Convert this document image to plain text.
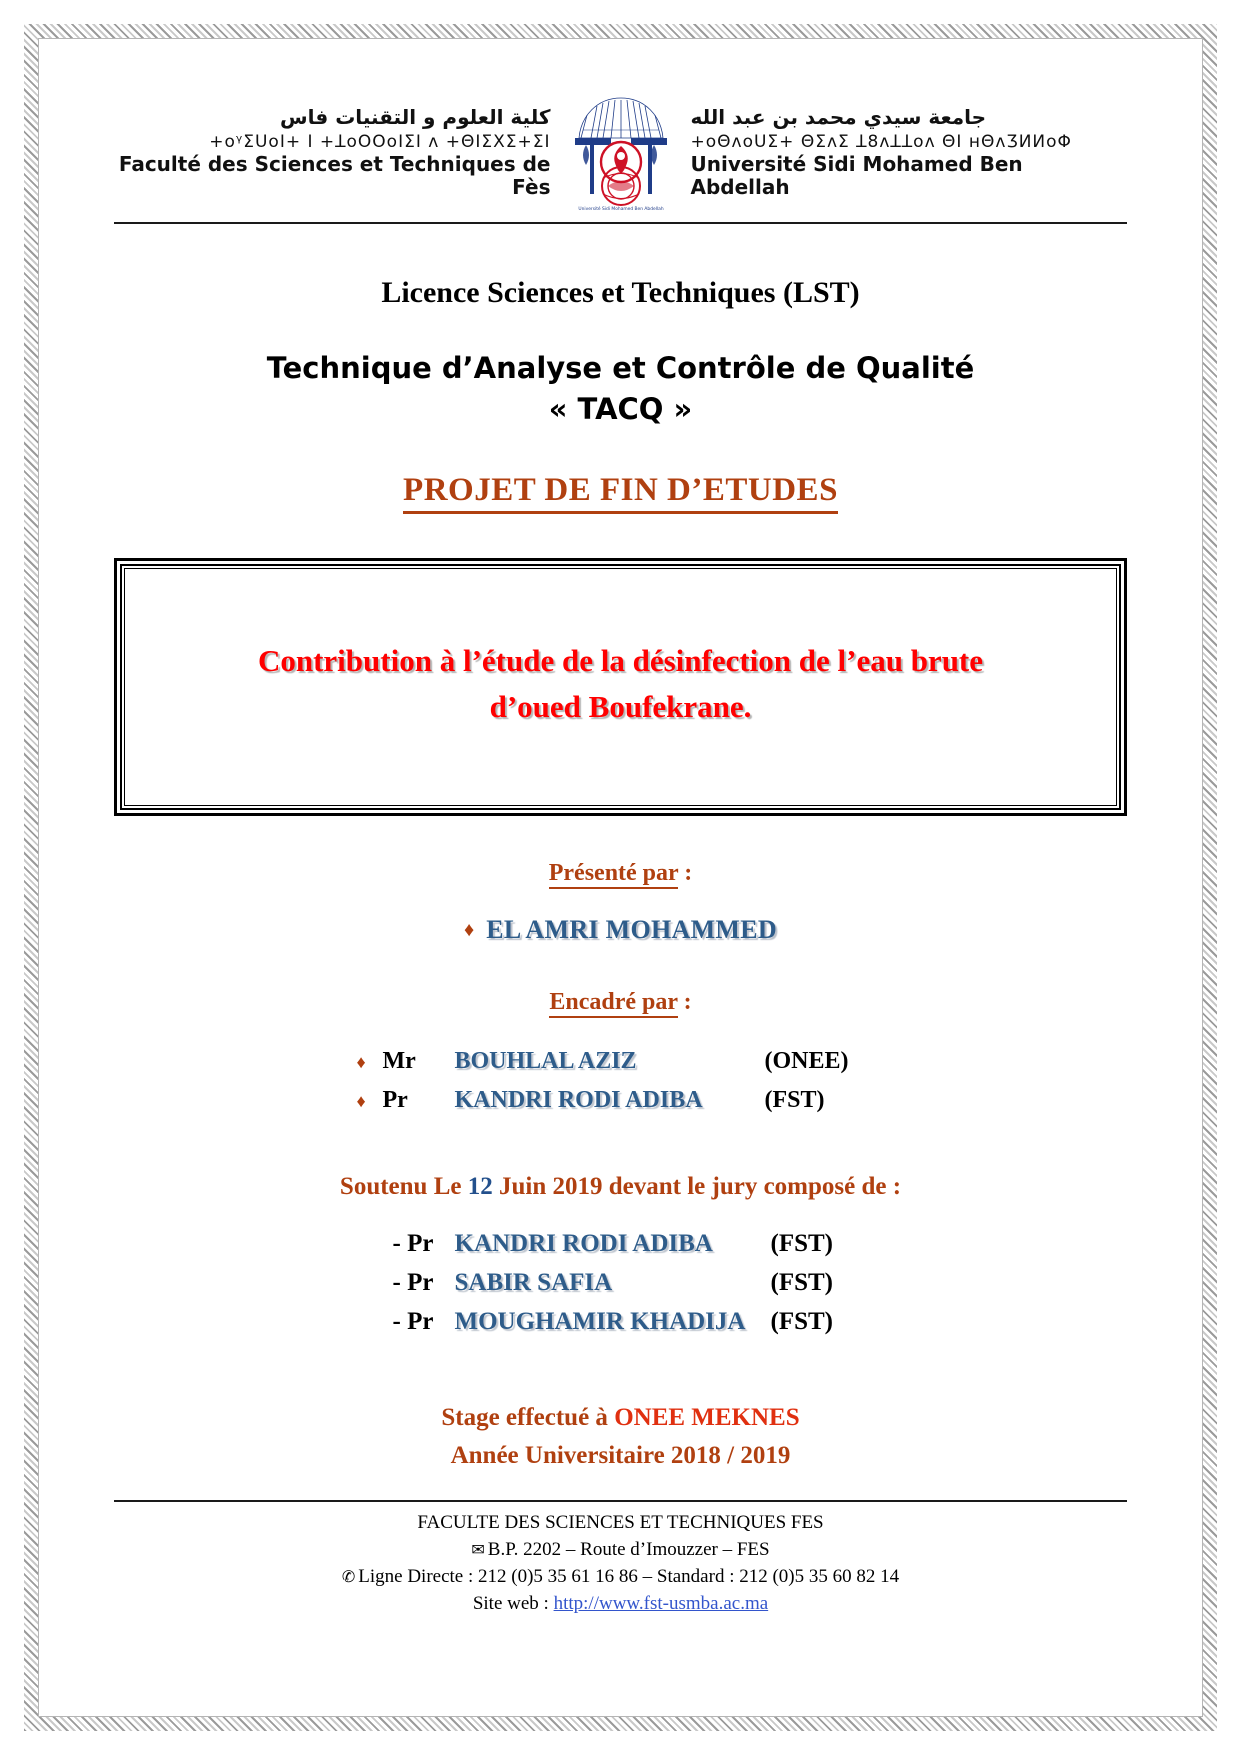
كلية العلوم و التقنيات فاس
+oᵞƩUoI+ I +ꓕoOOoIƩI ʌ +ΘIƩXƩ+ƩI
Faculté des Sciences et Techniques de Fès
Université Sidi Mohamed Ben Abdellah
جامعة سيدي محمد بن عبد الله
+oΘʌoUƩ+ ΘƩʌƩ ꓕ8ʌꓕꓕoʌ ΘI ʜΘʌƷИИoΦ
Université Sidi Mohamed Ben Abdellah
Licence Sciences et Techniques (LST)
Technique d’Analyse et Contrôle de Qualité
« TACQ »
PROJET DE FIN D’ETUDES
Contribution à l’étude de la désinfection de l’eau brute
d’oued Boufekrane.
Présenté par :
♦ EL AMRI MOHAMMED
Encadré par :
♦ Mr	BOUHLAL AZIZ	(ONEE)
♦ Pr	KANDRI RODI ADIBA	(FST)
Soutenu Le 12 Juin 2019 devant le jury composé de :
- Pr KANDRI RODI ADIBA	(FST)
- Pr SABIR SAFIA	(FST)
- Pr MOUGHAMIR KHADIJA	(FST)
Stage effectué à ONEE MEKNES
Année Universitaire 2018 / 2019
FACULTE DES SCIENCES ET TECHNIQUES FES
✉ B.P. 2202 – Route d’Imouzzer – FES
✆ Ligne Directe : 212 (0)5 35 61 16 86 – Standard : 212 (0)5 35 60 82 14
Site web : http://www.fst-usmba.ac.ma
